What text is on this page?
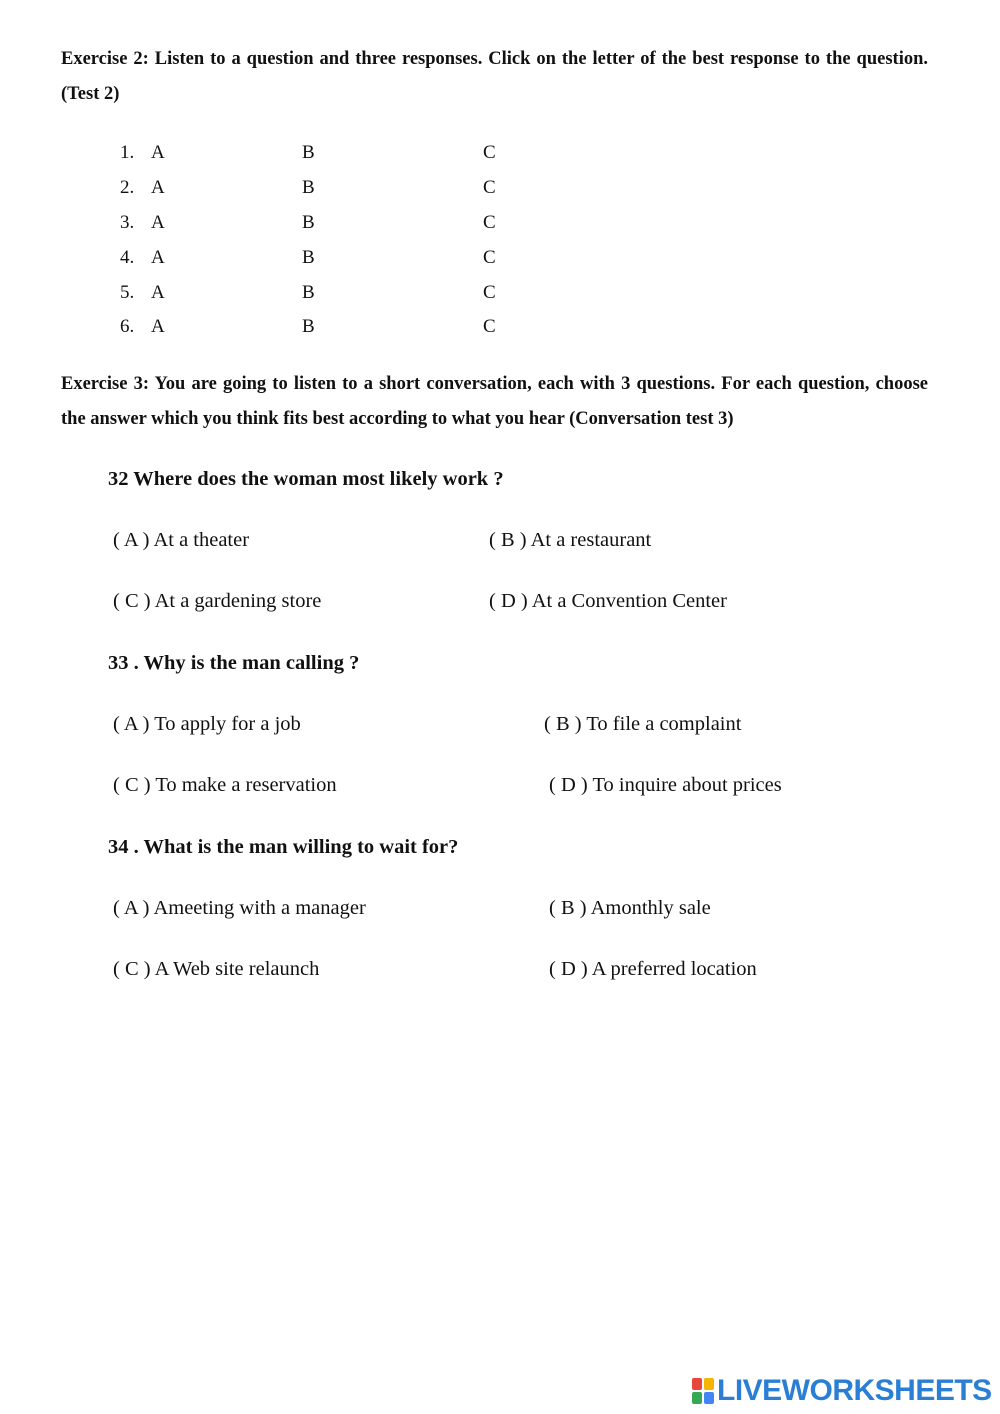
Exercise 2: Listen to a question and three responses. Click on the letter of the best response to the question. (Test 2)

1. A	B	C
2. A	B	C
3. A	B	C
4. A	B	C
5. A	B	C
6. A	B	C

Exercise 3: You are going to listen to a short conversation, each with 3 questions. For each question, choose the answer which you think fits best according to what you hear (Conversation test 3)

32 Where does the woman most likely work ?

( A ) At a theater	( B ) At a restaurant
( C ) At a gardening store	( D ) At a Convention Center

33 . Why is the man calling ?

( A ) To apply for a job	( B ) To file a complaint
( C ) To make a reservation	( D ) To inquire about prices

34 . What is the man willing to wait for?

( A ) Ameeting with a manager	( B ) Amonthly sale
( C ) A Web site relaunch	( D ) A preferred location
LIVEWORKSHEETS
